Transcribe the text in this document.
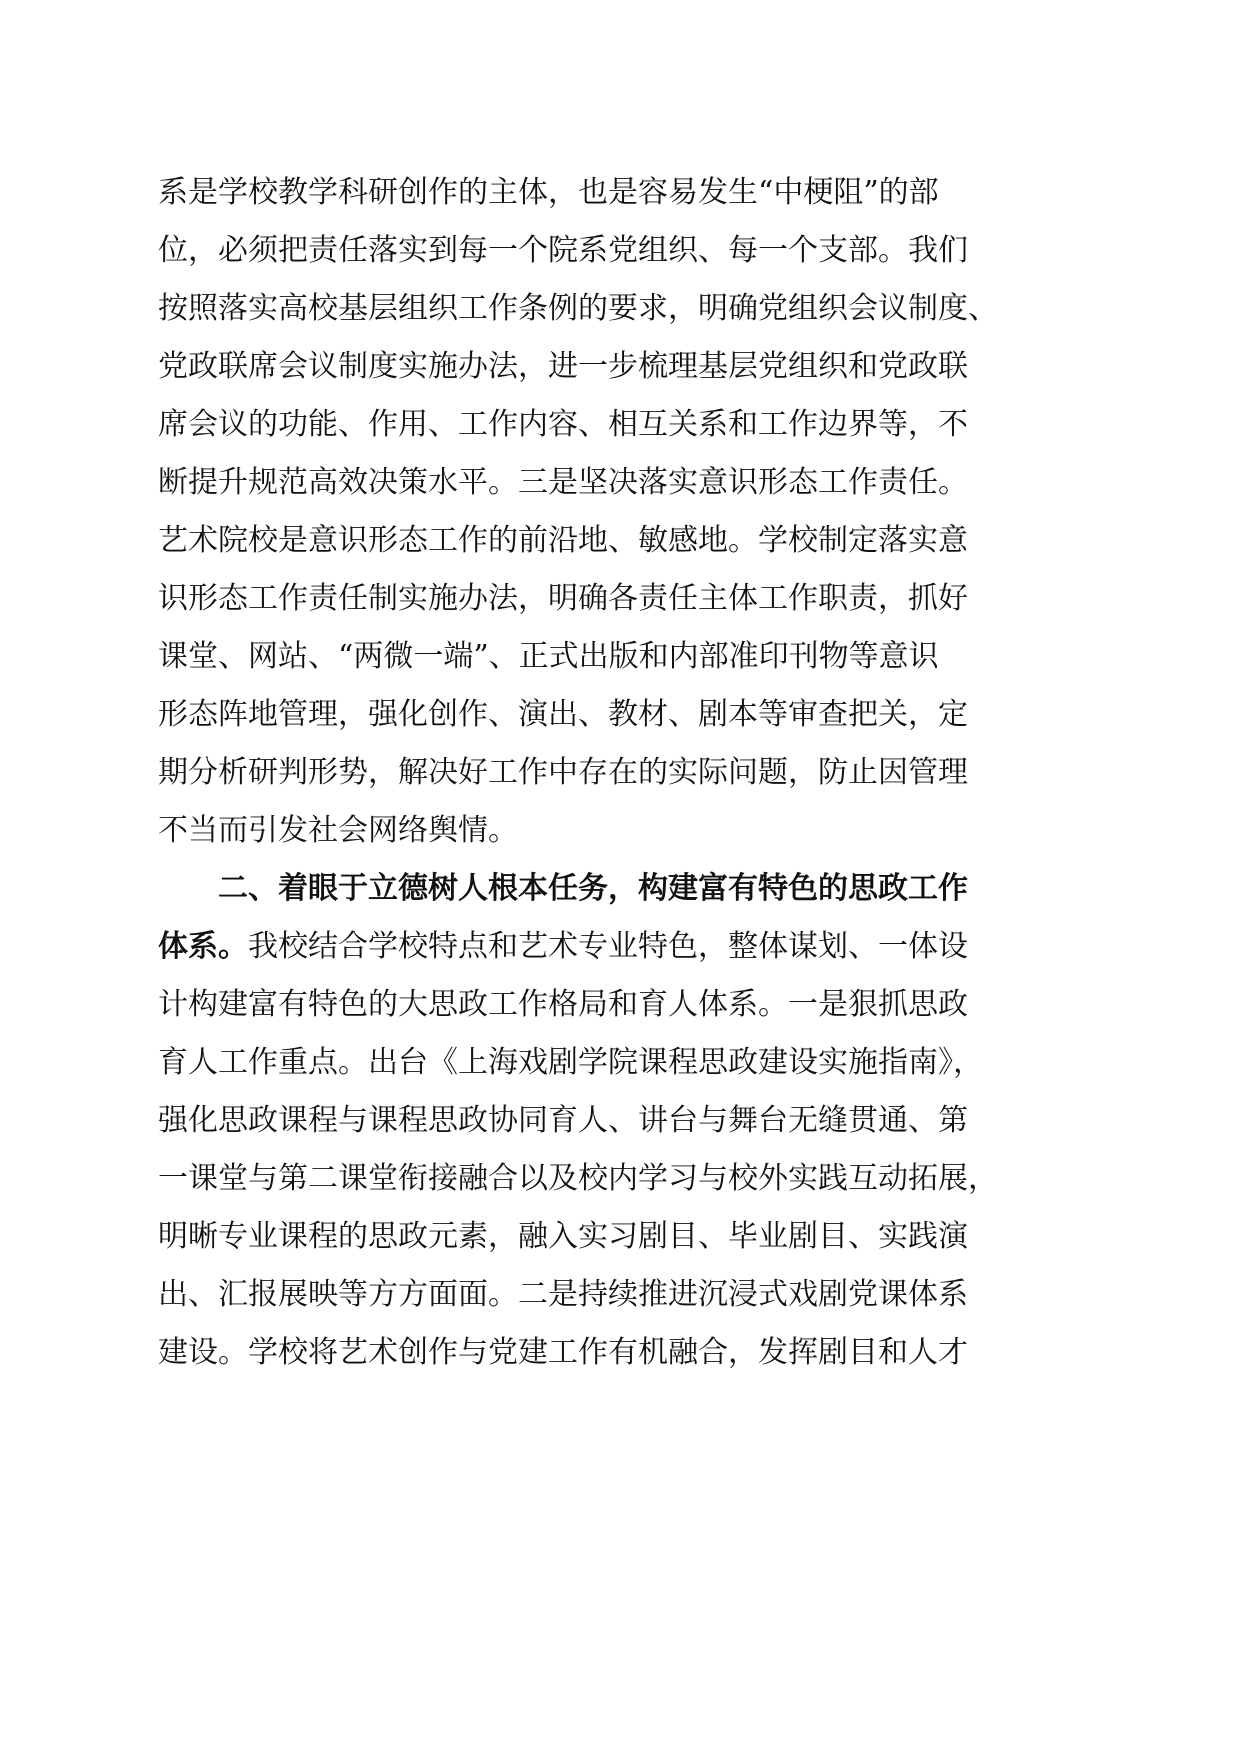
系是学校教学科研创作的主体，也是容易发生“中梗阻”的部

位，必须把责任落实到每一个院系党组织、每一个支部。我们

按照落实高校基层组织工作条例的要求，明确党组织会议制度、

党政联席会议制度实施办法，进一步梳理基层党组织和党政联

席会议的功能、作用、工作内容、相互关系和工作边界等，不

断提升规范高效决策水平。三是坚决落实意识形态工作责任。

艺术院校是意识形态工作的前沿地、敏感地。学校制定落实意

识形态工作责任制实施办法，明确各责任主体工作职责，抓好

课堂、网站、“两微一端”、正式出版和内部准印刊物等意识

形态阵地管理，强化创作、演出、教材、剧本等审查把关，定

期分析研判形势，解决好工作中存在的实际问题，防止因管理

不当而引发社会网络舆情。

二、着眼于立德树人根本任务，构建富有特色的思政工作

体系。我校结合学校特点和艺术专业特色，整体谋划、一体设

计构建富有特色的大思政工作格局和育人体系。一是狠抓思政

育人工作重点。出台《上海戏剧学院课程思政建设实施指南》，

强化思政课程与课程思政协同育人、讲台与舞台无缝贯通、第

一课堂与第二课堂衔接融合以及校内学习与校外实践互动拓展，

明晰专业课程的思政元素，融入实习剧目、毕业剧目、实践演

出、汇报展映等方方面面。二是持续推进沉浸式戏剧党课体系

建设。学校将艺术创作与党建工作有机融合，发挥剧目和人才
